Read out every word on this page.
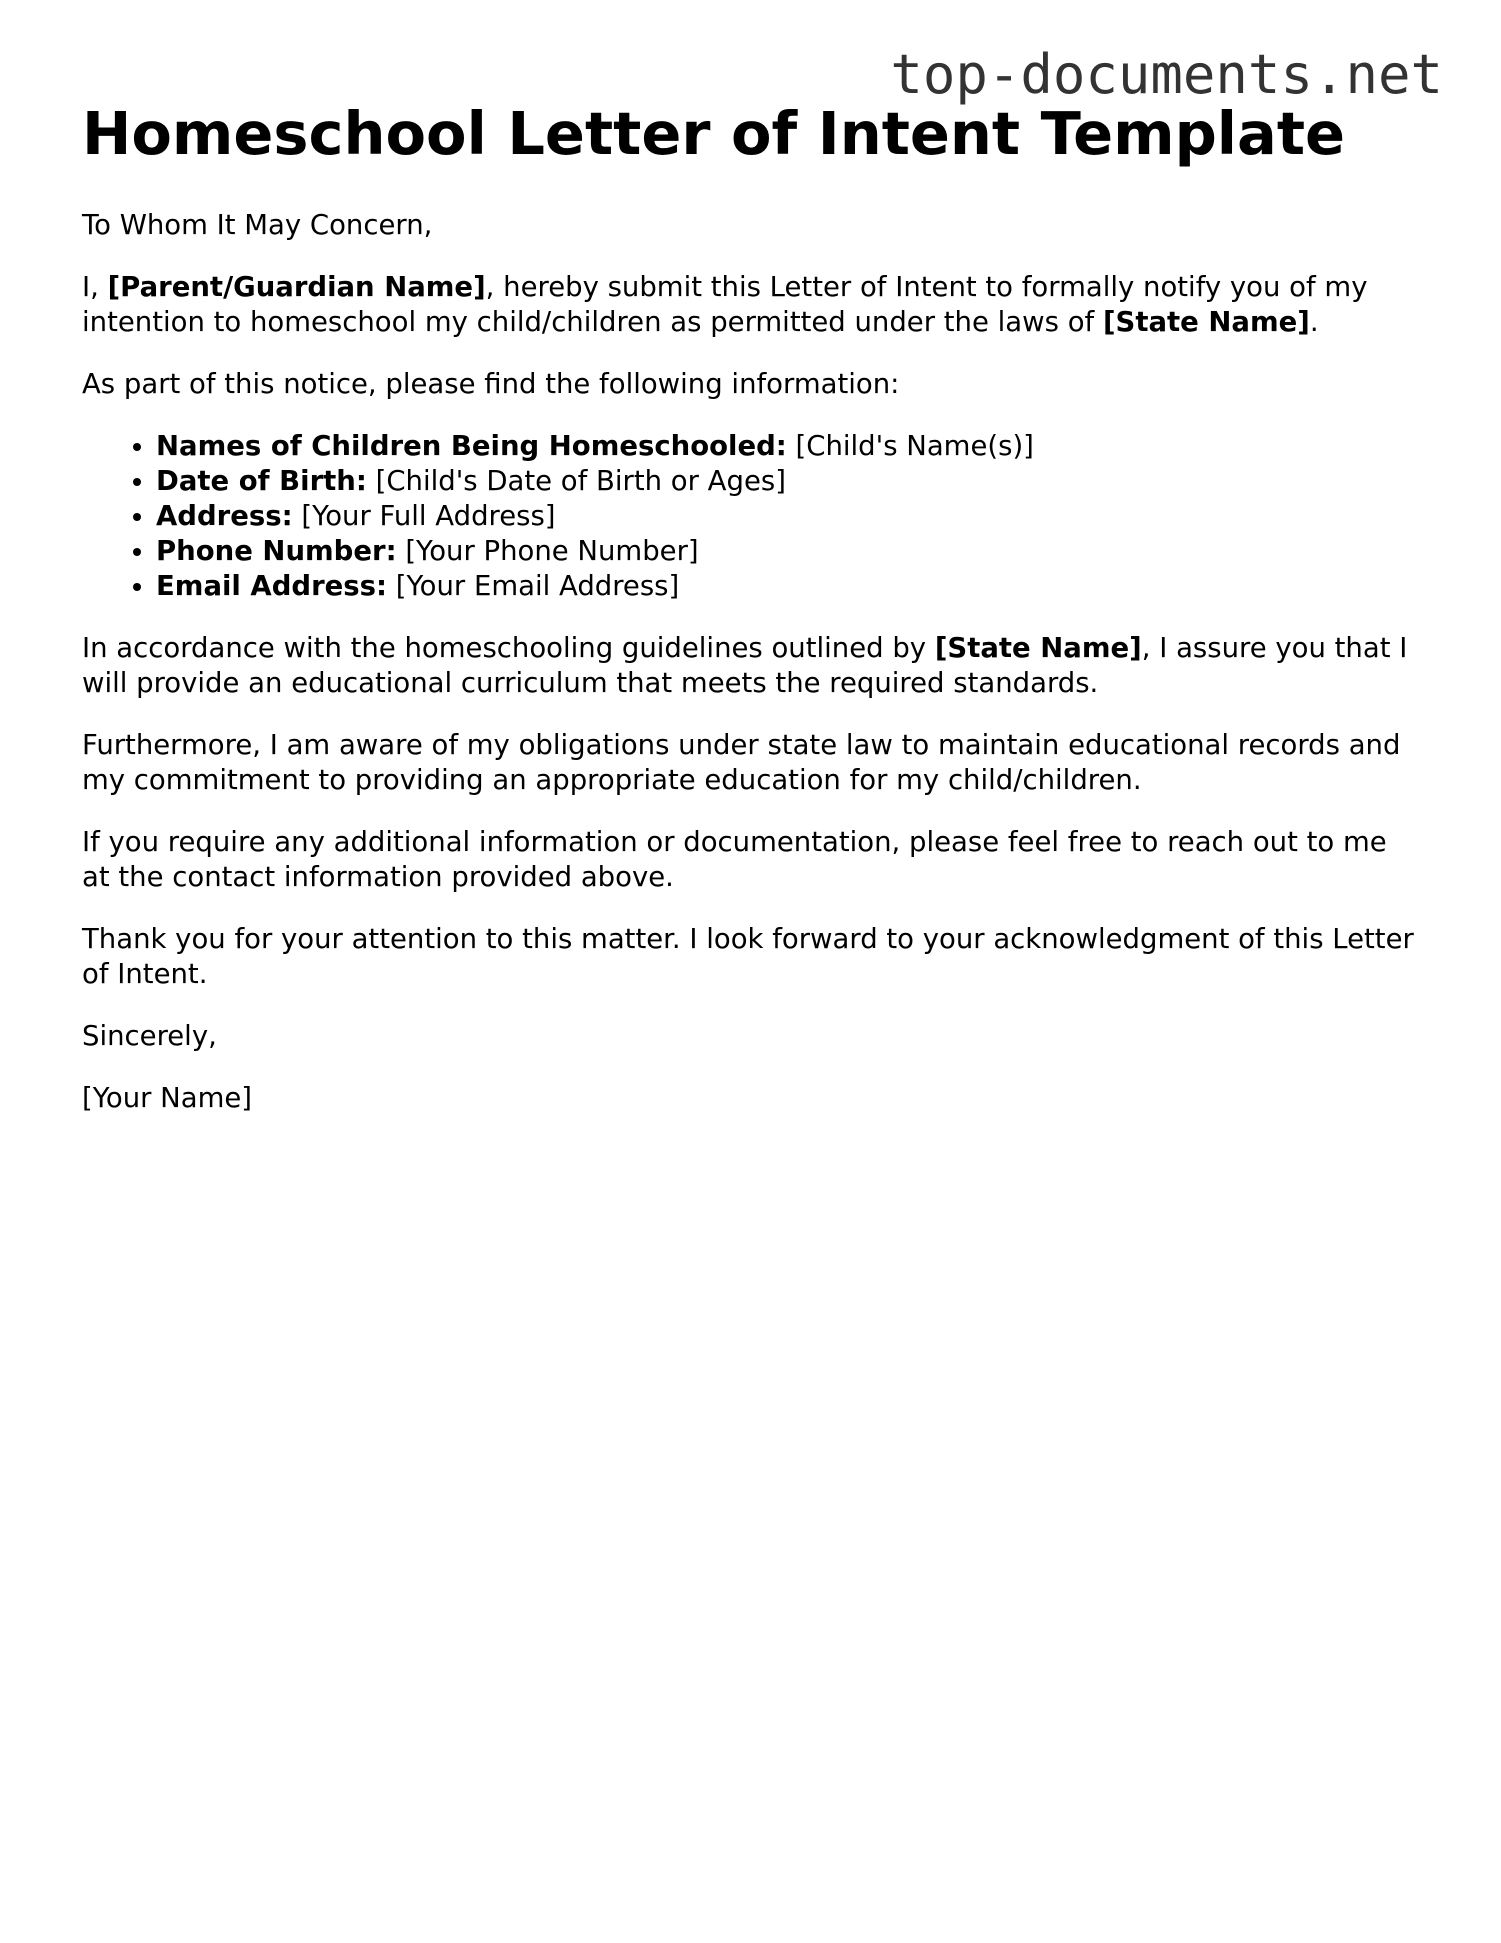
top-documents.net
Homeschool Letter of Intent Template

To Whom It May Concern,

I, [Parent/Guardian Name], hereby submit this Letter of Intent to formally notify you of my intention to homeschool my child/children as permitted under the laws of [State Name].

As part of this notice, please find the following information:

• Names of Children Being Homeschooled: [Child's Name(s)]
• Date of Birth: [Child's Date of Birth or Ages]
• Address: [Your Full Address]
• Phone Number: [Your Phone Number]
• Email Address: [Your Email Address]

In accordance with the homeschooling guidelines outlined by [State Name], I assure you that I will provide an educational curriculum that meets the required standards.

Furthermore, I am aware of my obligations under state law to maintain educational records and my commitment to providing an appropriate education for my child/children.

If you require any additional information or documentation, please feel free to reach out to me at the contact information provided above.

Thank you for your attention to this matter. I look forward to your acknowledgment of this Letter of Intent.

Sincerely,

[Your Name]
